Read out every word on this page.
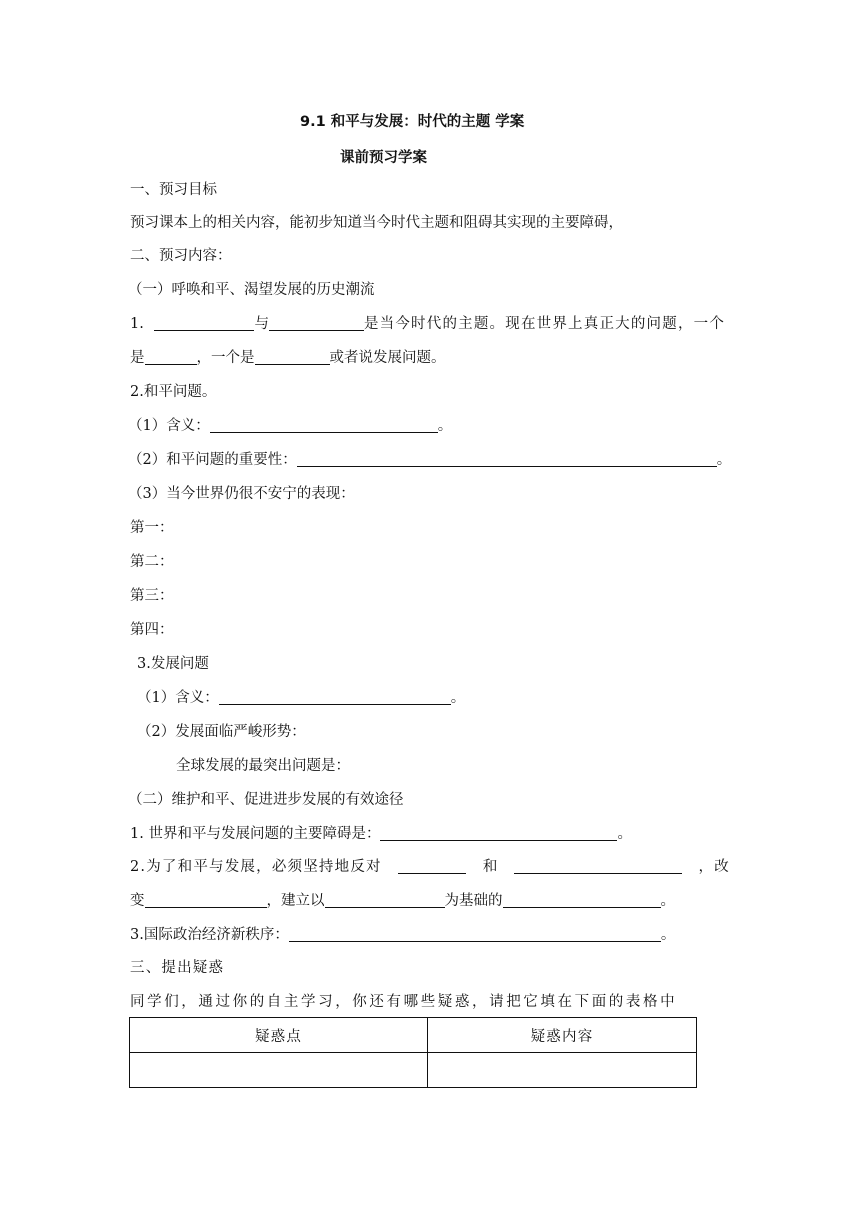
9.1 和平与发展：时代的主题 学案
课前预习学案
一、预习目标
预习课本上的相关内容，能初步知道当今时代主题和阻碍其实现的主要障碍，
二、预习内容：
（一）呼唤和平、渴望发展的历史潮流
1.	与	是当今时代的主题。现在世界上真正大的问题，一个
是	，一个是	或者说发展问题。
2.和平问题。
（1）含义：	。
（2）和平问题的重要性：	。
（3）当今世界仍很不安宁的表现：
第一：
第二：
第三：
第四：
3.发展问题
（1）含义：	。
（2）发展面临严峻形势：
全球发展的最突出问题是：
（二）维护和平、促进进步发展的有效途径
1. 世界和平与发展问题的主要障碍是：	。
2.为了和平与发展，必须坚持地反对	和	，改
变	，建立以	为基础的	。
3.国际政治经济新秩序：	。
三、提出疑惑
同学们，通过你的自主学习，你还有哪些疑惑，请把它填在下面的表格中
疑惑点	疑惑内容
